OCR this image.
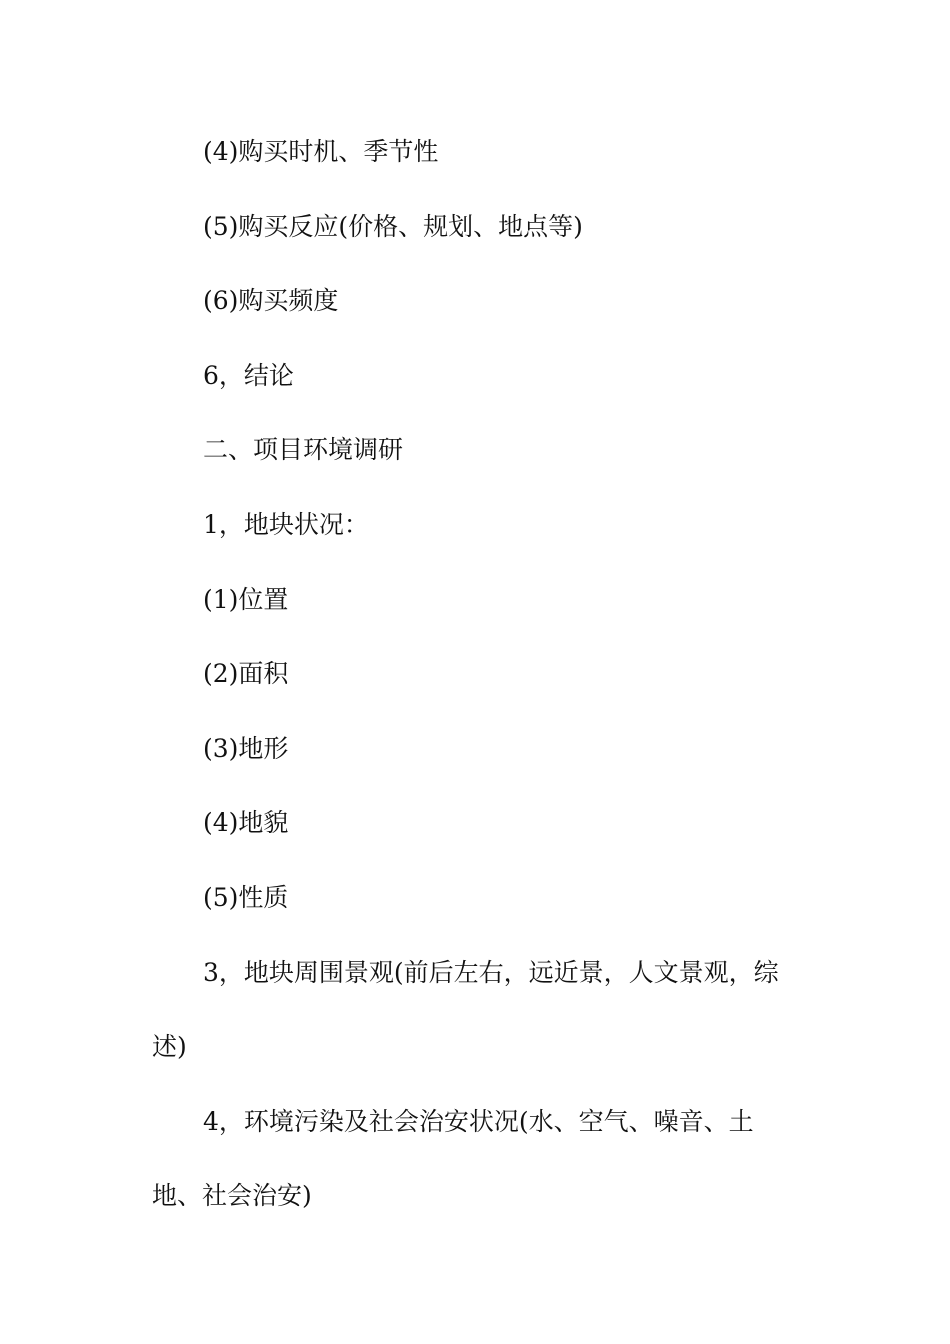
(4)购买时机、季节性
(5)购买反应(价格、规划、地点等)
(6)购买频度
6，结论
二、项目环境调研
1，地块状况：
(1)位置
(2)面积
(3)地形
(4)地貌
(5)性质
3，地块周围景观(前后左右，远近景，人文景观，综
述)
4，环境污染及社会治安状况(水、空气、噪音、土
地、社会治安)
